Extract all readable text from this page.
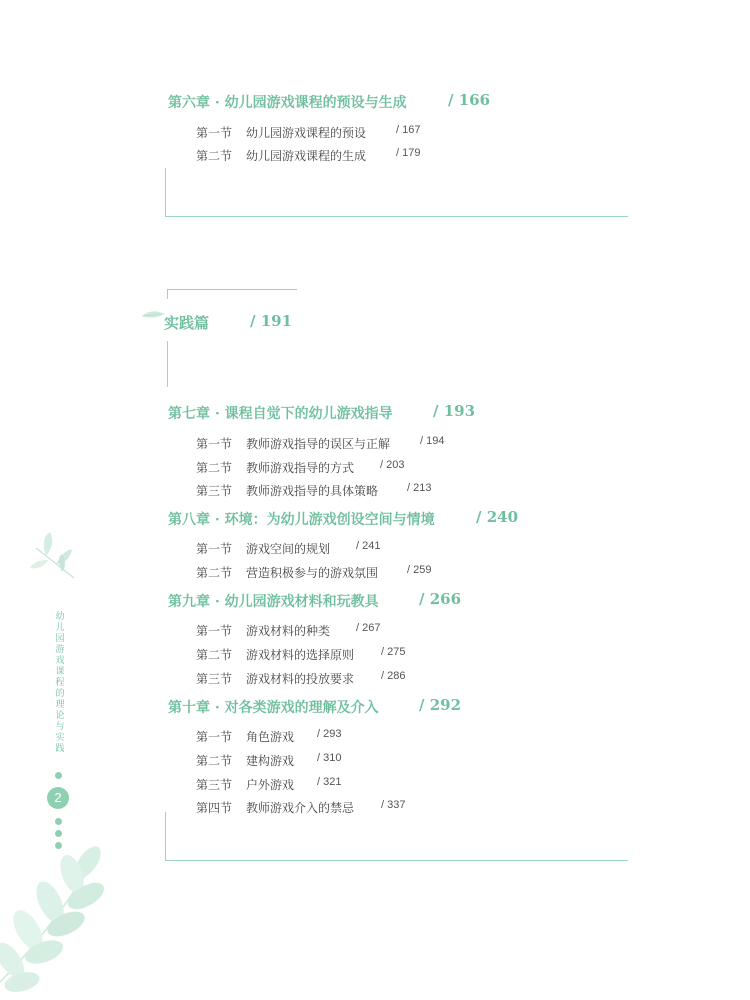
第六章 · 幼儿园游戏课程的预设与生成	/ 166
第一节 幼儿园游戏课程的预设	/ 167
第二节 幼儿园游戏课程的生成	/ 179
实践篇	/ 191
第七章 · 课程自觉下的幼儿游戏指导	/ 193
第一节 教师游戏指导的误区与正解	/ 194
第二节 教师游戏指导的方式 / 203
第三节 教师游戏指导的具体策略	/ 213
第八章 · 环境：为幼儿游戏创设空间与情境	/ 240
第一节 游戏空间的规划 / 241
第二节 营造积极参与的游戏氛围	/ 259
第九章 · 幼儿园游戏材料和玩教具	/ 266
第一节 游戏材料的种类 / 267
第二节 游戏材料的选择原则 / 275
第三节 游戏材料的投放要求 / 286
第十章 · 对各类游戏的理解及介入	/ 292
第一节 角色游戏 / 293
第二节 建构游戏 / 310
第三节 户外游戏 / 321
第四节 教师游戏介入的禁忌 / 337
幼儿园游戏课程的理论与实践
2
